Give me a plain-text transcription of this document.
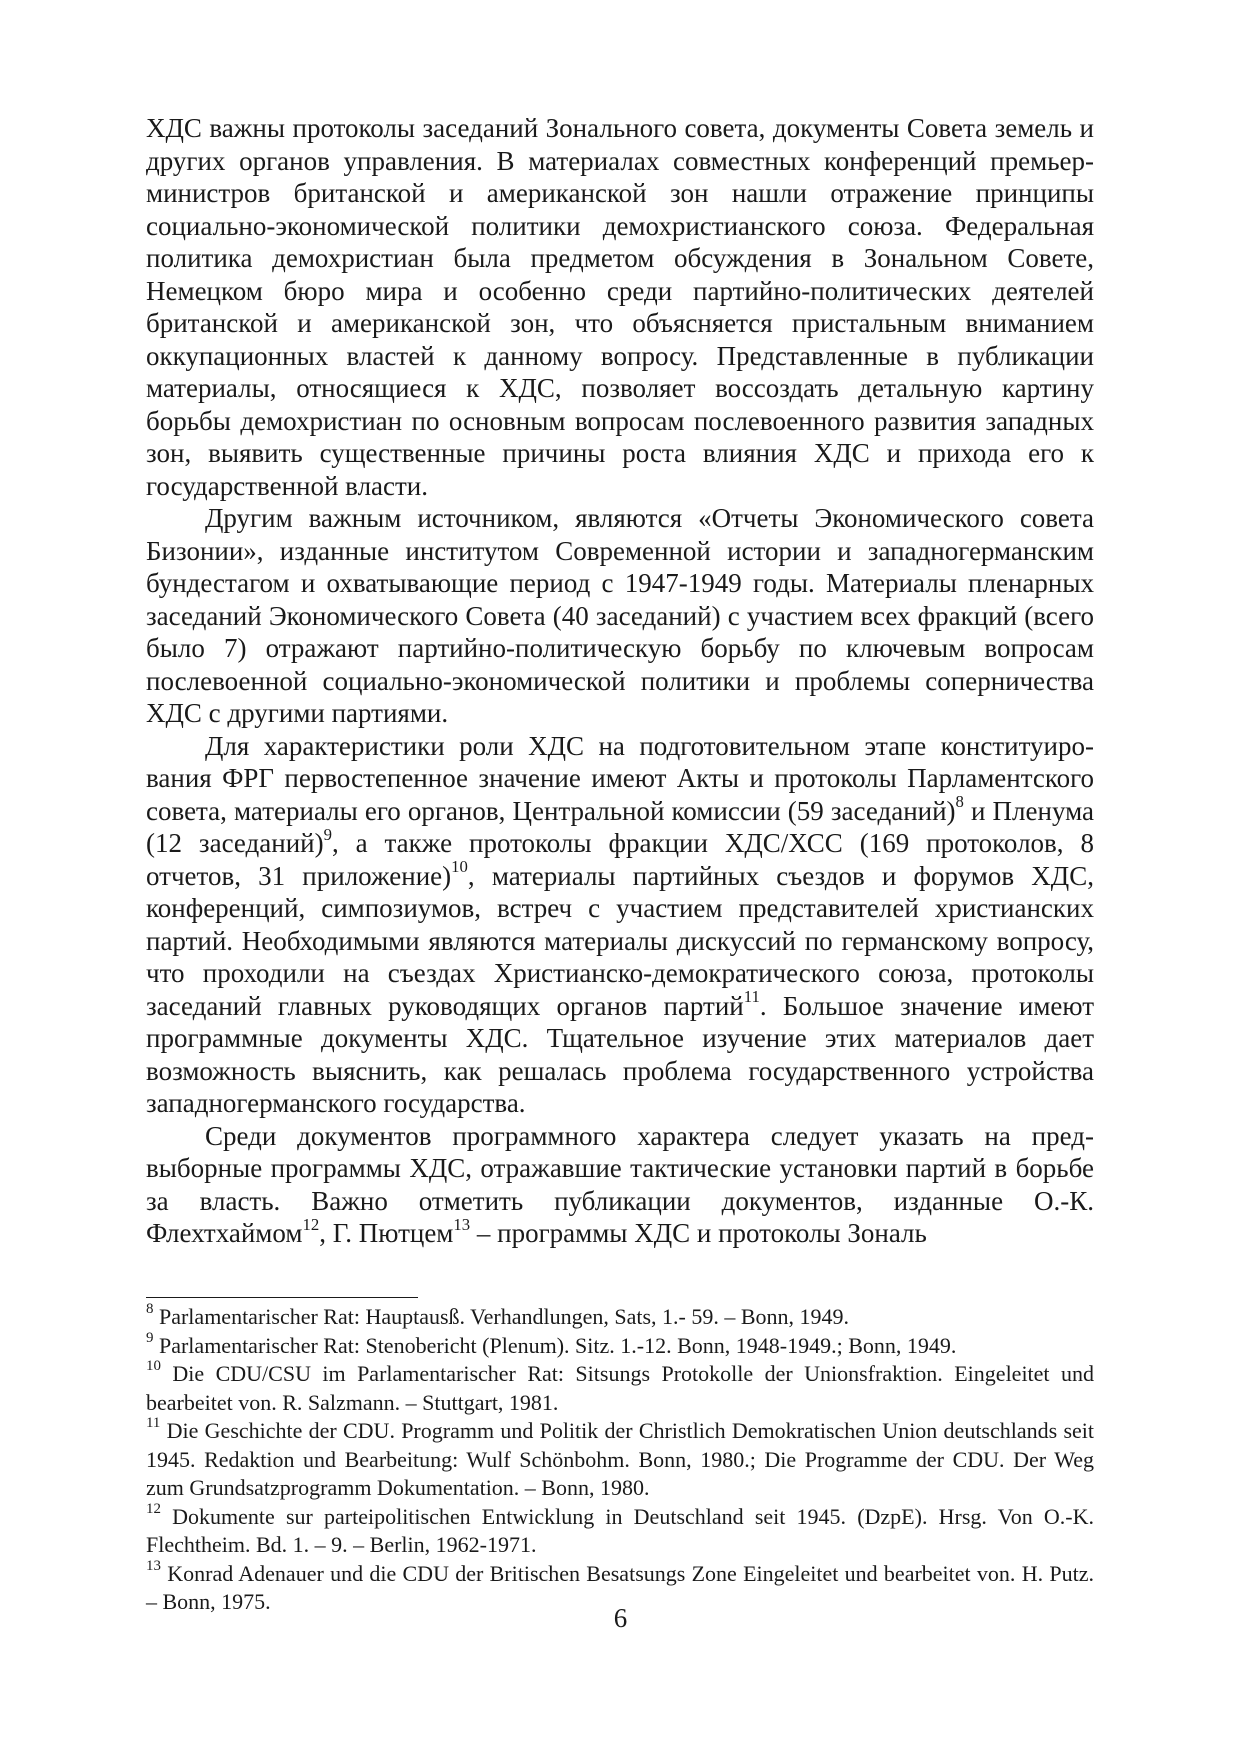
ХДС важны протоколы заседаний Зонального совета, документы Совета земель и других органов управления. В материалах совместных конференций премьер-министров британской и американской зон нашли отражение принципы социально-экономической политики демохристианского союза. Федеральная политика демохристиан была предметом обсуждения в Зональном Совете, Немецком бюро мира и особенно среди партийно-политических деятелей британской и американской зон, что объясняется пристальным вниманием оккупационных властей к данному вопросу. Представленные в публикации материалы, относящиеся к ХДС, позволяет воссоздать детальную картину борьбы демохристиан по основным вопросам послевоенного развития западных зон, выявить существенные причины роста влияния ХДС и прихода его к государственной власти.

Другим важным источником, являются «Отчеты Экономического совета Бизонии», изданные институтом Современной истории и западногерманским бундестагом и охватывающие период с 1947-1949 годы. Материалы пленарных заседаний Экономического Совета (40 заседаний) с участием всех фракций (всего было 7) отражают партийно-политическую борьбу по ключевым вопросам послевоенной социально-экономической политики и проблемы соперничества ХДС с другими партиями.

Для характеристики роли ХДС на подготовительном этапе конституирования ФРГ первостепенное значение имеют Акты и протоколы Парламентского совета, материалы его органов, Центральной комиссии (59 заседаний)$^8$ и Пленума (12 заседаний)$^9$, а также протоколы фракции ХДС/ХСС (169 протоколов, 8 отчетов, 31 приложение)$^{10}$, материалы партийных съездов и форумов ХДС, конференций, симпозиумов, встреч с участием представителей христианских партий. Необходимыми являются материалы дискуссий по германскому вопросу, что проходили на съездах Христианско-демократического союза, протоколы заседаний главных руководящих органов партий$^{11}$. Большое значение имеют программные документы ХДС. Тщательное изучение этих материалов дает возможность выяснить, как решалась проблема государственного устройства западногерманского государства.

Среди документов программного характера следует указать на предвыборные программы ХДС, отражавшие тактические установки партий в борьбе за власть. Важно отметить публикации документов, изданные О.-К. Флехтхаймом$^{12}$, Г. Пютцем$^{13}$ – программы ХДС и протоколы Зональ

$^8$ Parlamentarischer Rat: Hauptausß. Verhandlungen, Sats, 1.- 59. – Bonn, 1949.

$^9$ Parlamentarischer Rat: Stenobericht (Plenum). Sitz. 1.-12. Bonn, 1948-1949.; Bonn, 1949.

$^{10}$ Die CDU/CSU im Parlamentarischer Rat: Sitsungs Protokolle der Unionsfraktion. Eingeleitet und bearbeitet von. R. Salzmann. – Stuttgart, 1981.

$^{11}$ Die Geschichte der CDU. Programm und Politik der Christlich Demokratischen Union deutschlands seit 1945. Redaktion und Bearbeitung: Wulf Schönbohm. Bonn, 1980.; Die Programme der CDU. Der Weg zum Grundsatzprogramm Dokumentation. – Bonn, 1980.

$^{12}$ Dokumente sur parteipolitischen Entwicklung in Deutschland seit 1945. (DzpE). Hrsg. Von O.-K. Flechtheim. Bd. 1. – 9. – Berlin, 1962-1971.

$^{13}$ Konrad Adenauer und die CDU der Britischen Besatsungs Zone Eingeleitet und bearbeitet von. H. Putz. – Bonn, 1975.

6
